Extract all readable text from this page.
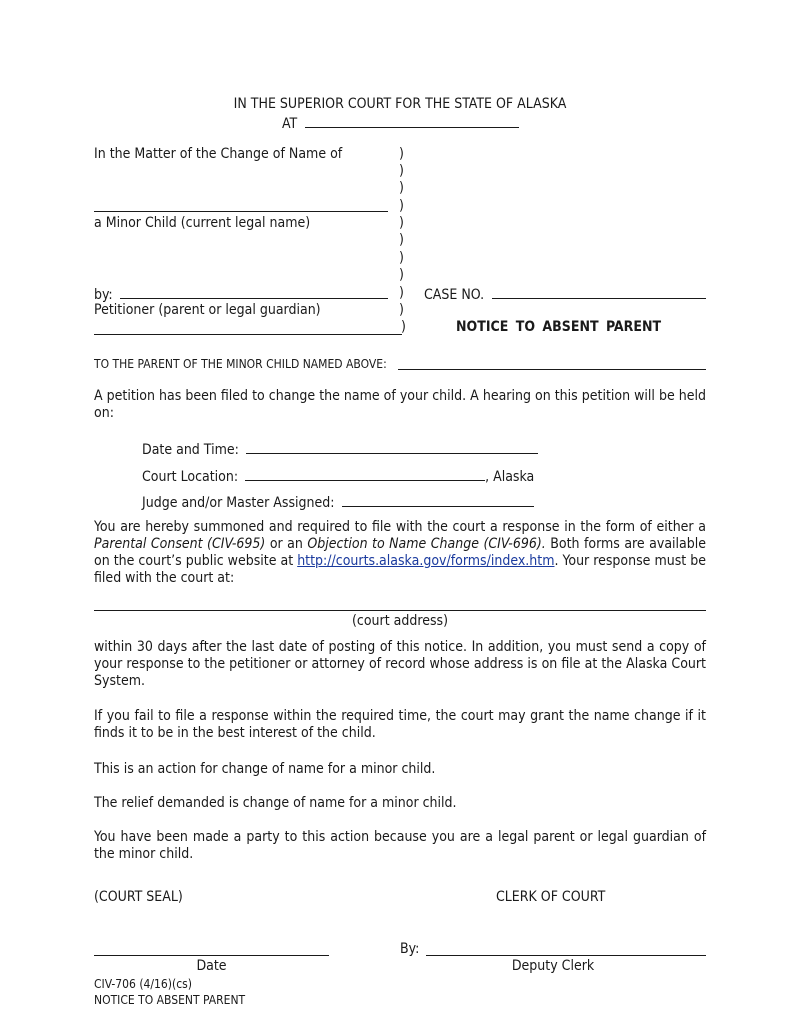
IN THE SUPERIOR COURT FOR THE STATE OF ALASKA
AT
In the Matter of the Change of Name of
a Minor Child (current legal name)
by:
Petitioner (parent or legal guardian)
)
)
)
)
)
)
)
)
)
)
)
CASE NO.
NOTICE TO ABSENT PARENT
TO THE PARENT OF THE MINOR CHILD NAMED ABOVE:
A petition has been filed to change the name of your child. A hearing on this petition will be held on:
Date and Time:
Court Location:	, Alaska
Judge and/or Master Assigned:
You are hereby summoned and required to file with the court a response in the form of either a Parental Consent (CIV-695) or an Objection to Name Change (CIV-696). Both forms are available on the court’s public website at http://courts.alaska.gov/forms/index.htm. Your response must be filed with the court at:
(court address)
within 30 days after the last date of posting of this notice. In addition, you must send a copy of your response to the petitioner or attorney of record whose address is on file at the Alaska Court System.
If you fail to file a response within the required time, the court may grant the name change if it finds it to be in the best interest of the child.
This is an action for change of name for a minor child.
The relief demanded is change of name for a minor child.
You have been made a party to this action because you are a legal parent or legal guardian of the minor child.
(COURT SEAL)	CLERK OF COURT
Date
By:
Deputy Clerk
CIV-706 (4/16)(cs)
NOTICE TO ABSENT PARENT
